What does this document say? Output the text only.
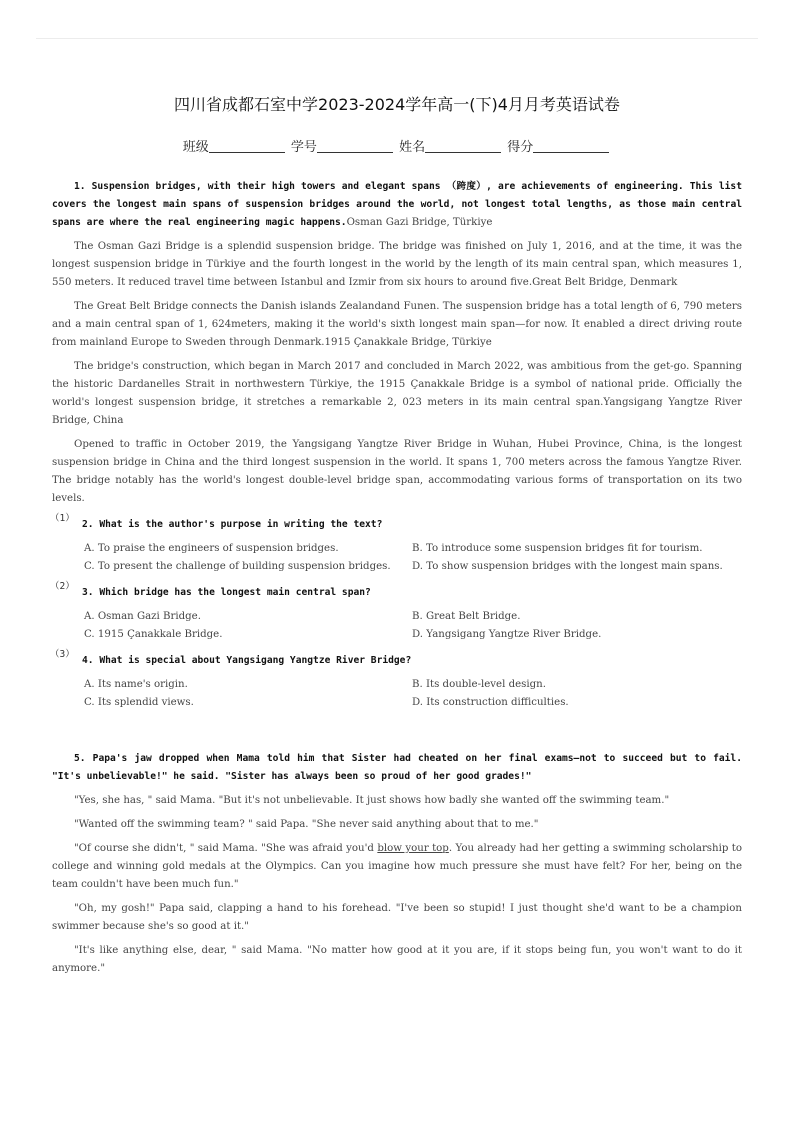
四川省成都石室中学2023-2024学年高一(下)4月月考英语试卷
班级	学号	姓名	得分
1. Suspension bridges, with their high towers and elegant spans （跨度）, are achievements of engineering. This list covers the longest main spans of suspension bridges around the world, not longest total lengths, as those main central spans are where the real engineering magic happens.Osman Gazi Bridge, Türkiye

The Osman Gazi Bridge is a splendid suspension bridge. The bridge was finished on July 1, 2016, and at the time, it was the longest suspension bridge in Türkiye and the fourth longest in the world by the length of its main central span, which measures 1, 550 meters. It reduced travel time between Istanbul and Izmir from six hours to around five.Great Belt Bridge, Denmark

The Great Belt Bridge connects the Danish islands Zealandand Funen. The suspension bridge has a total length of 6, 790 meters and a main central span of 1, 624meters, making it the world's sixth longest main span—for now. It enabled a direct driving route from mainland Europe to Sweden through Denmark.1915 Çanakkale Bridge, Türkiye

The bridge's construction, which began in March 2017 and concluded in March 2022, was ambitious from the get-go. Spanning the historic Dardanelles Strait in northwestern Türkiye, the 1915 Çanakkale Bridge is a symbol of national pride. Officially the world's longest suspension bridge, it stretches a remarkable 2, 023 meters in its main central span.Yangsigang Yangtze River Bridge, China

Opened to traffic in October 2019, the Yangsigang Yangtze River Bridge in Wuhan, Hubei Province, China, is the longest suspension bridge in China and the third longest suspension in the world. It spans 1, 700 meters across the famous Yangtze River. The bridge notably has the world's longest double-level bridge span, accommodating various forms of transportation on its two levels.

（1）
2. What is the author's purpose in writing the text?
A. To praise the engineers of suspension bridges.	B. To introduce some suspension bridges fit for tourism.
C. To present the challenge of building suspension bridges.	D. To show suspension bridges with the longest main spans.
（2）
3. Which bridge has the longest main central span?
A. Osman Gazi Bridge.	B. Great Belt Bridge.
C. 1915 Çanakkale Bridge.	D. Yangsigang Yangtze River Bridge.
（3）
4. What is special about Yangsigang Yangtze River Bridge?
A. Its name's origin.	B. Its double-level design.
C. Its splendid views.	D. Its construction difficulties.
5. Papa's jaw dropped when Mama told him that Sister had cheated on her final exams—not to succeed but to fail. "It's unbelievable!" he said. "Sister has always been so proud of her good grades!"

"Yes, she has, " said Mama. "But it's not unbelievable. It just shows how badly she wanted off the swimming team."

"Wanted off the swimming team? " said Papa. "She never said anything about that to me."

"Of course she didn't, " said Mama. "She was afraid you'd blow your top. You already had her getting a swimming scholarship to college and winning gold medals at the Olympics. Can you imagine how much pressure she must have felt? For her, being on the team couldn't have been much fun."

"Oh, my gosh!" Papa said, clapping a hand to his forehead. "I've been so stupid! I just thought she'd want to be a champion swimmer because she's so good at it."

"It's like anything else, dear, " said Mama. "No matter how good at it you are, if it stops being fun, you won't want to do it anymore."
